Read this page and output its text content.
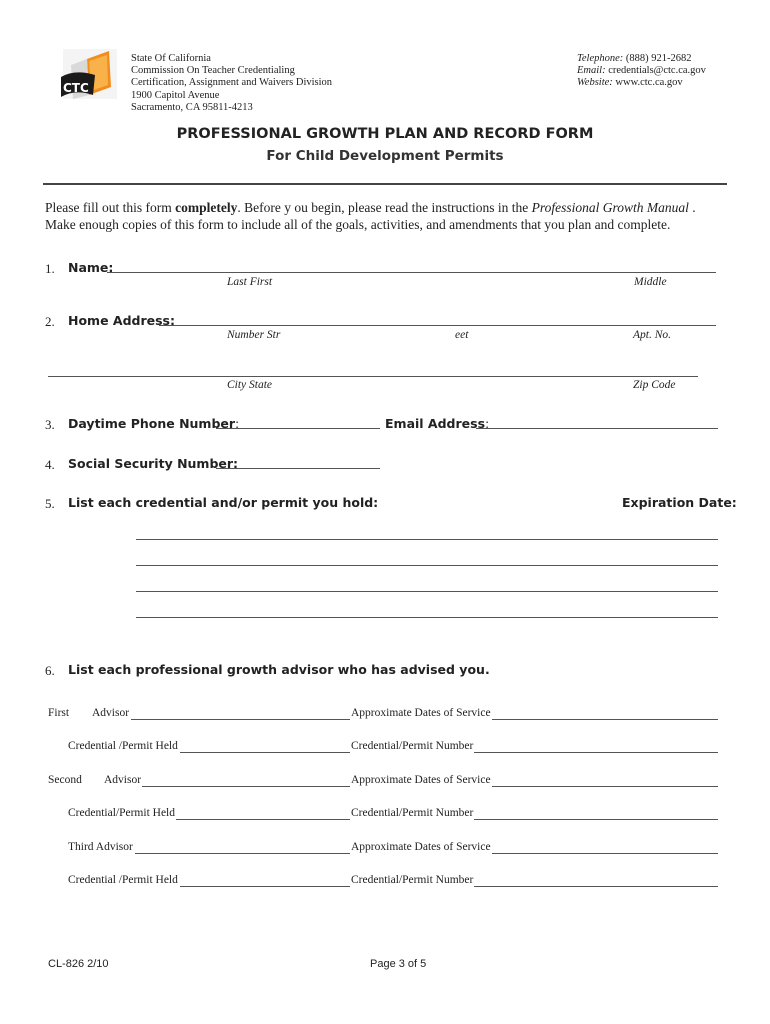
CTC
State Of California
Commission On Teacher Credentialing
Certification, Assignment and Waivers Division
1900 Capitol Avenue
Sacramento, CA 95811-4213
Telephone: (888) 921-2682
Email: credentials@ctc.ca.gov
Website: www.ctc.ca.gov
PROFESSIONAL GROWTH PLAN AND RECORD FORM
For Child Development Permits
Please fill out this form completely. Before y ou begin, please read the instructions in the Professional Growth Manual .
Make enough copies of this form to include all of the goals, activities, and amendments that you plan and complete.
1. Name:
Last First	Middle
2. Home Address:
Number Str	eet	Apt. No.
City State	Zip Code
3. Daytime Phone Number:	Email Address:
4. Social Security Number:
5. List each credential and/or permit you hold:	Expiration Date:
6. List each professional growth advisor who has advised you.
First Advisor	Approximate Dates of Service
Credential /Permit Held	Credential/Permit Number
Second Advisor	Approximate Dates of Service
Credential/Permit Held	Credential/Permit Number
Third Advisor	Approximate Dates of Service
Credential /Permit Held	Credential/Permit Number
CL-826 2/10	Page 3 of 5
